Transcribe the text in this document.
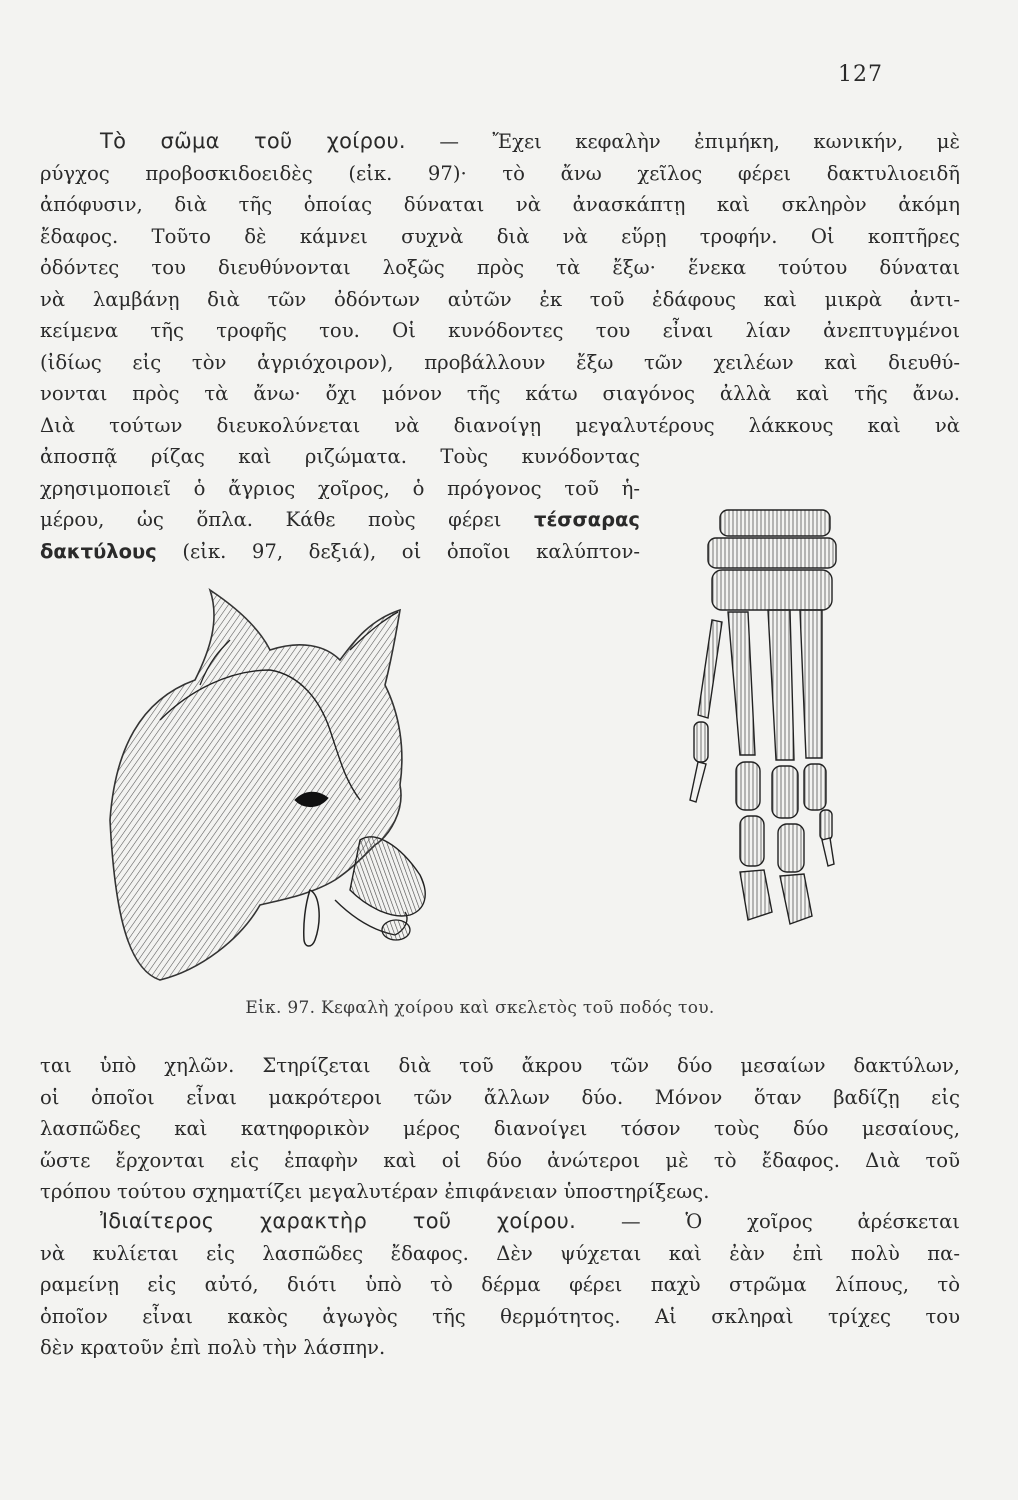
127
Τὸ σῶμα τοῦ χοίρου. — Ἔχει κεφαλὴν ἐπιμήκη, κωνικήν, μὲ
ρύγχος προβοσκιδοειδὲς (εἰκ. 97)· τὸ ἄνω χεῖλος φέρει δακτυλιοειδῆ
ἀπόφυσιν, διὰ τῆς ὁποίας δύναται νὰ ἀνασκάπτῃ καὶ σκληρὸν ἀκόμη
ἔδαφος. Τοῦτο δὲ κάμνει συχνὰ διὰ νὰ εὕρῃ τροφήν. Οἱ κοπτῆρες
ὀδόντες του διευθύνονται λοξῶς πρὸς τὰ ἔξω· ἕνεκα τούτου δύναται
νὰ λαμβάνῃ διὰ τῶν ὀδόντων αὐτῶν ἐκ τοῦ ἐδάφους καὶ μικρὰ ἀντι-
κείμενα τῆς τροφῆς του. Οἱ κυνόδοντες του εἶναι λίαν ἀνεπτυγμένοι
(ἰδίως εἰς τὸν ἀγριόχοιρον), προβάλλουν ἔξω τῶν χειλέων καὶ διευθύ-
νονται πρὸς τὰ ἄνω· ὄχι μόνον τῆς κάτω σιαγόνος ἀλλὰ καὶ τῆς ἄνω.
Διὰ τούτων διευκολύνεται νὰ διανοίγῃ μεγαλυτέρους λάκκους καὶ νὰ
ἀποσπᾷ ρίζας καὶ ριζώματα. Τοὺς κυνόδοντας
χρησιμοποιεῖ ὁ ἄγριος χοῖρος, ὁ πρόγονος τοῦ ἡ-
μέρου, ὡς ὅπλα. Κάθε ποὺς φέρει τέσσαρας
δακτύλους (εἰκ. 97, δεξιά), οἱ ὁποῖοι καλύπτον-
Εἰκ. 97. Κεφαλὴ χοίρου καὶ σκελετὸς τοῦ ποδός του.
ται ὑπὸ χηλῶν. Στηρίζεται διὰ τοῦ ἄκρου τῶν δύο μεσαίων δακτύλων,
οἱ ὁποῖοι εἶναι μακρότεροι τῶν ἄλλων δύο. Μόνον ὅταν βαδίζῃ εἰς
λασπῶδες καὶ κατηφορικὸν μέρος διανοίγει τόσον τοὺς δύο μεσαίους,
ὥστε ἔρχονται εἰς ἐπαφὴν καὶ οἱ δύο ἀνώτεροι μὲ τὸ ἔδαφος. Διὰ τοῦ
τρόπου τούτου σχηματίζει μεγαλυτέραν ἐπιφάνειαν ὑποστηρίξεως.
Ἰδιαίτερος χαρακτὴρ τοῦ χοίρου. — Ὁ χοῖρος ἀρέσκεται
νὰ κυλίεται εἰς λασπῶδες ἔδαφος. Δὲν ψύχεται καὶ ἐὰν ἐπὶ πολὺ πα-
ραμείνῃ εἰς αὐτό, διότι ὑπὸ τὸ δέρμα φέρει παχὺ στρῶμα λίπους, τὸ
ὁποῖον εἶναι κακὸς ἀγωγὸς τῆς θερμότητος. Αἱ σκληραὶ τρίχες του
δὲν κρατοῦν ἐπὶ πολὺ τὴν λάσπην.
